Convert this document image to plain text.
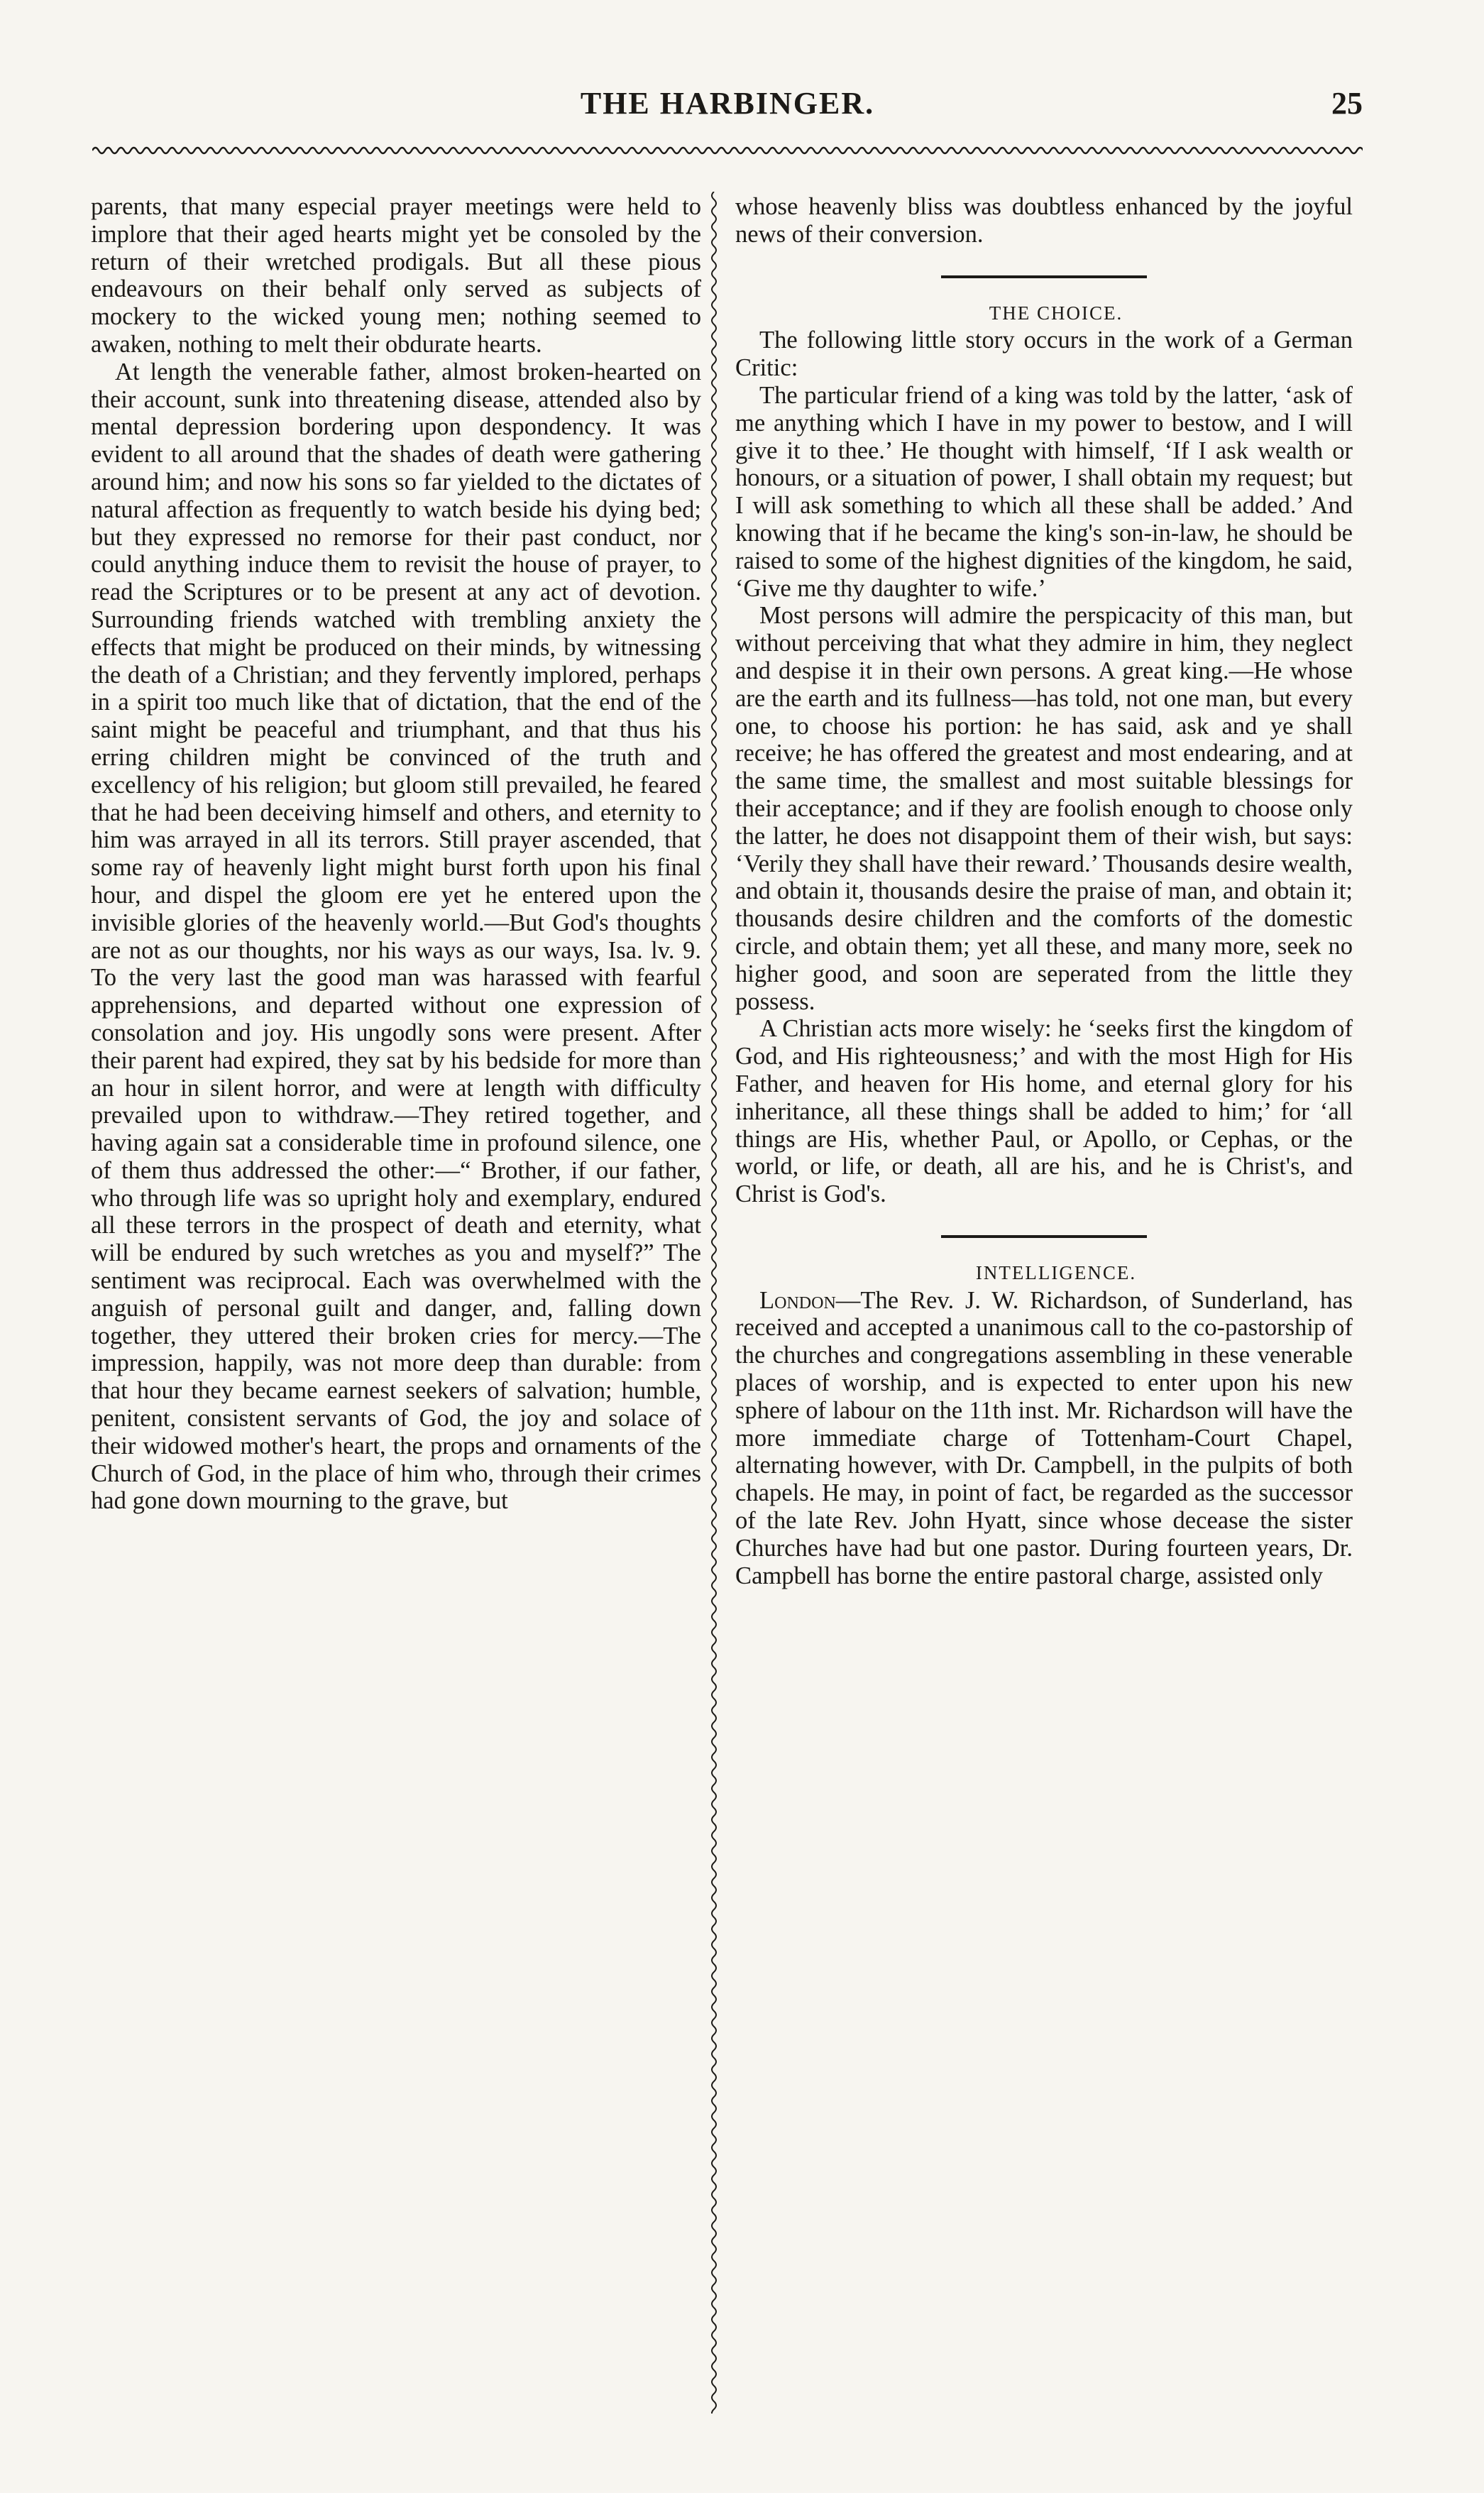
THE HARBINGER.	25

parents, that many especial prayer meetings were held to implore that their aged hearts might yet be consoled by the return of their wretched prodigals. But all these pious endeavours on their behalf only served as subjects of mockery to the wicked young men; nothing seemed to awaken, nothing to melt their obdurate hearts.

At length the venerable father, almost broken-hearted on their account, sunk into threatening disease, attended also by mental depression bordering upon despondency. It was evident to all around that the shades of death were gathering around him; and now his sons so far yielded to the dictates of natural affection as frequently to watch beside his dying bed; but they expressed no remorse for their past conduct, nor could anything induce them to revisit the house of prayer, to read the Scriptures or to be present at any act of devotion. Surrounding friends watched with trembling anxiety the effects that might be produced on their minds, by witnessing the death of a Christian; and they fervently implored, perhaps in a spirit too much like that of dictation, that the end of the saint might be peaceful and triumphant, and that thus his erring children might be convinced of the truth and excellency of his religion; but gloom still prevailed, he feared that he had been deceiving himself and others, and eternity to him was arrayed in all its terrors. Still prayer ascended, that some ray of heavenly light might burst forth upon his final hour, and dispel the gloom ere yet he entered upon the invisible glories of the heavenly world.—But God's thoughts are not as our thoughts, nor his ways as our ways, Isa. lv. 9. To the very last the good man was harassed with fearful apprehensions, and departed without one expression of consolation and joy. His ungodly sons were present. After their parent had expired, they sat by his bedside for more than an hour in silent horror, and were at length with difficulty prevailed upon to withdraw.—They retired together, and having again sat a considerable time in profound silence, one of them thus addressed the other:—“ Brother, if our father, who through life was so upright holy and exemplary, endured all these terrors in the prospect of death and eternity, what will be endured by such wretches as you and myself?” The sentiment was reciprocal. Each was overwhelmed with the anguish of personal guilt and danger, and, falling down together, they uttered their broken cries for mercy.—The impression, happily, was not more deep than durable: from that hour they became earnest seekers of salvation; humble, penitent, consistent servants of God, the joy and solace of their widowed mother's heart, the props and ornaments of the Church of God, in the place of him who, through their crimes had gone down mourning to the grave, but

whose heavenly bliss was doubtless enhanced by the joyful news of their conversion.

THE CHOICE.

The following little story occurs in the work of a German Critic:

The particular friend of a king was told by the latter, ‘ask of me anything which I have in my power to bestow, and I will give it to thee.’ He thought with himself, ‘If I ask wealth or honours, or a situation of power, I shall obtain my request; but I will ask something to which all these shall be added.’ And knowing that if he became the king's son-in-law, he should be raised to some of the highest dignities of the kingdom, he said, ‘Give me thy daughter to wife.’

Most persons will admire the perspicacity of this man, but without perceiving that what they admire in him, they neglect and despise it in their own persons. A great king.—He whose are the earth and its fullness—has told, not one man, but every one, to choose his portion: he has said, ask and ye shall receive; he has offered the greatest and most endearing, and at the same time, the smallest and most suitable blessings for their acceptance; and if they are foolish enough to choose only the latter, he does not disappoint them of their wish, but says: ‘Verily they shall have their reward.’ Thousands desire wealth, and obtain it, thousands desire the praise of man, and obtain it; thousands desire children and the comforts of the domestic circle, and obtain them; yet all these, and many more, seek no higher good, and soon are seperated from the little they possess.

A Christian acts more wisely: he ‘seeks first the kingdom of God, and His righteousness;’ and with the most High for His Father, and heaven for His home, and eternal glory for his inheritance, all these things shall be added to him;’ for ‘all things are His, whether Paul, or Apollo, or Cephas, or the world, or life, or death, all are his, and he is Christ's, and Christ is God's.

INTELLIGENCE.

London—The Rev. J. W. Richardson, of Sunderland, has received and accepted a unanimous call to the co-pastorship of the churches and congregations assembling in these venerable places of worship, and is expected to enter upon his new sphere of labour on the 11th inst. Mr. Richardson will have the more immediate charge of Tottenham-Court Chapel, alternating however, with Dr. Campbell, in the pulpits of both chapels. He may, in point of fact, be regarded as the successor of the late Rev. John Hyatt, since whose decease the sister Churches have had but one pastor. During fourteen years, Dr. Campbell has borne the entire pastoral charge, assisted only
